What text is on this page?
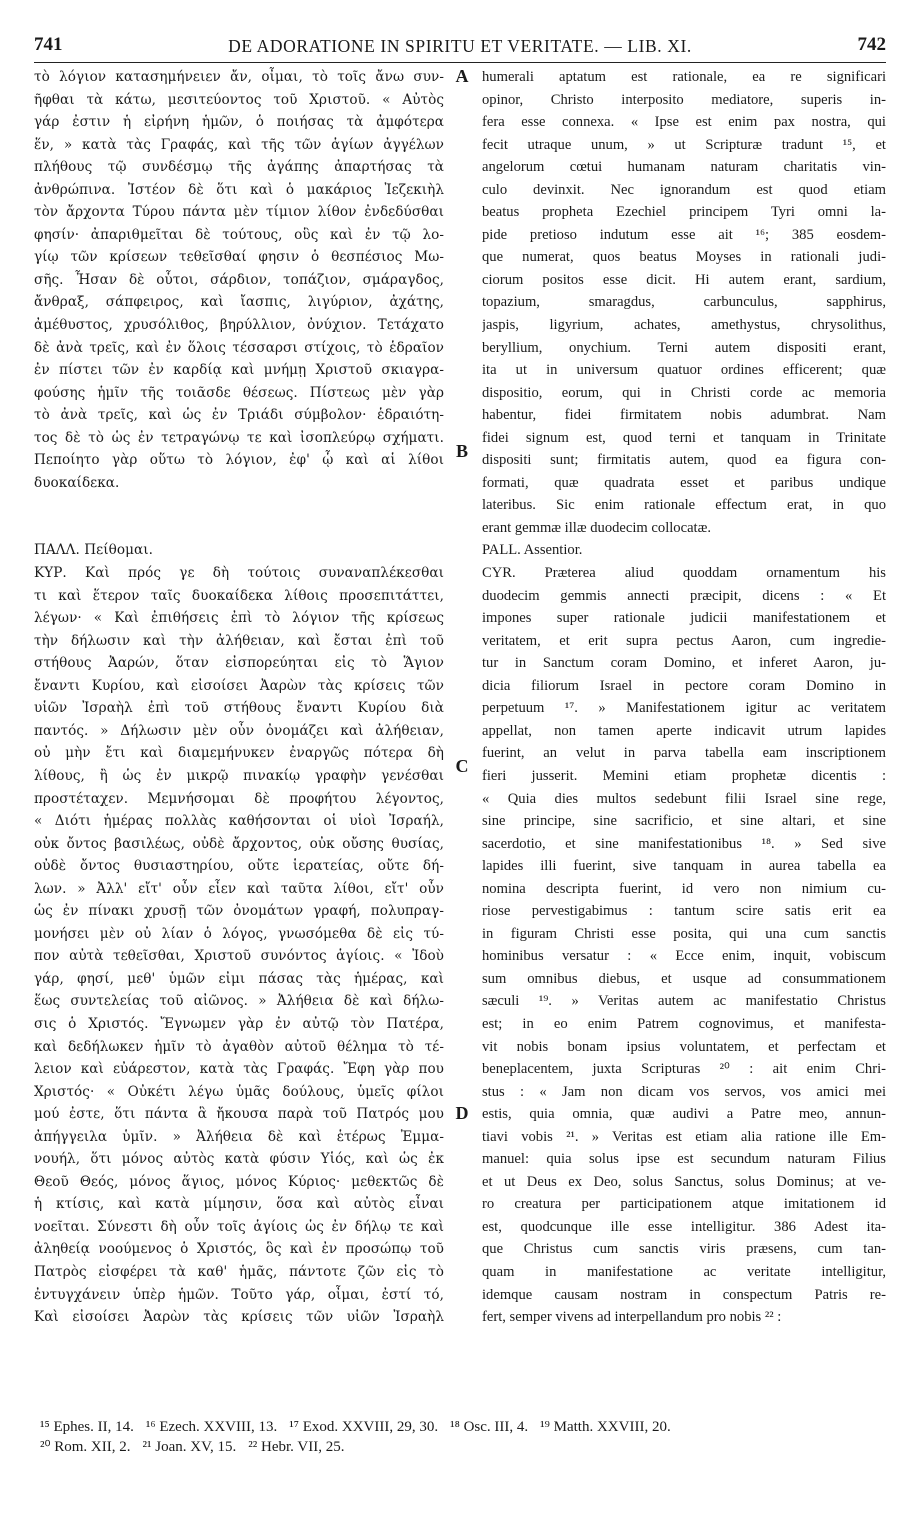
741	DE ADORATIONE IN SPIRITU ET VERITATE. — LIB. XI.	742
τὸ λόγιον κατασημήνειεν ἄν, οἶμαι, τὸ τοῖς ἄνω συν-
ῆφθαι τὰ κάτω, μεσιτεύοντος τοῦ Χριστοῦ. « Αὐτὸς
γάρ ἐστιν ἡ εἰρήνη ἡμῶν, ὁ ποιήσας τὰ ἀμφότερα
ἕν, » κατὰ τὰς Γραφάς, καὶ τῆς τῶν ἁγίων ἀγγέλων
πλήθους τῷ συνδέσμῳ τῆς ἀγάπης ἀπαρτήσας τὰ
ἀνθρώπινα. Ἰστέον δὲ ὅτι καὶ ὁ μακάριος Ἰεζεκιὴλ
τὸν ἄρχοντα Τύρου πάντα μὲν τίμιον λίθον ἐνδεδύσθαι
φησίν· ἀπαριθμεῖται δὲ τούτους, οὓς καὶ ἐν τῷ λο-
γίῳ τῶν κρίσεων τεθεῖσθαί φησιν ὁ θεσπέσιος Μω-
σῆς. Ἦσαν δὲ οὗτοι, σάρδιον, τοπάζιον, σμάραγδος,
ἄνθραξ, σάπφειρος, καὶ ἴασπις, λιγύριον, ἀχάτης,
ἀμέθυστος, χρυσόλιθος, βηρύλλιον, ὀνύχιον. Τετάχατο
δὲ ἀνὰ τρεῖς, καὶ ἐν ὅλοις τέσσαρσι στίχοις, τὸ ἑδραῖον
ἐν πίστει τῶν ἐν καρδίᾳ καὶ μνήμῃ Χριστοῦ σκιαγρα-
φούσης ἡμῖν τῆς τοιᾶσδε θέσεως. Πίστεως μὲν γὰρ
τὸ ἀνὰ τρεῖς, καὶ ὡς ἐν Τριάδι σύμβολον· ἑδραιότη-
τος δὲ τὸ ὡς ἐν τετραγώνῳ τε καὶ ἰσοπλεύρῳ σχήματι.
Πεποίητο γὰρ οὕτω τὸ λόγιον, ἐφ' ᾧ καὶ αἱ λίθοι
δυοκαίδεκα.

ΠΑΛΛ. Πείθομαι.
ΚΥΡ. Καὶ πρός γε δὴ τούτοις συναναπλέκεσθαι
τι καὶ ἕτερον ταῖς δυοκαίδεκα λίθοις προσεπιτάττει,
λέγων· « Καὶ ἐπιθήσεις ἐπὶ τὸ λόγιον τῆς κρίσεως
τὴν δήλωσιν καὶ τὴν ἀλήθειαν, καὶ ἔσται ἐπὶ τοῦ
στήθους Ἀαρών, ὅταν εἰσπορεύηται εἰς τὸ Ἅγιον
ἔναντι Κυρίου, καὶ εἰσοίσει Ἀαρὼν τὰς κρίσεις τῶν
υἱῶν Ἰσραὴλ ἐπὶ τοῦ στήθους ἔναντι Κυρίου διὰ
παντός. » Δήλωσιν μὲν οὖν ὀνομάζει καὶ ἀλήθειαν,
οὐ μὴν ἔτι καὶ διαμεμήνυκεν ἐναργῶς πότερα δὴ
λίθους, ἢ ὡς ἐν μικρῷ πινακίῳ γραφὴν γενέσθαι
προστέταχεν. Μεμνήσομαι δὲ προφήτου λέγοντος,
« Διότι ἡμέρας πολλὰς καθήσονται οἱ υἱοὶ Ἰσραήλ,
οὐκ ὄντος βασιλέως, οὐδὲ ἄρχοντος, οὐκ οὔσης θυσίας,
οὐδὲ ὄντος θυσιαστηρίου, οὔτε ἱερατείας, οὔτε δή-
λων. » Ἀλλ' εἴτ' οὖν εἶεν καὶ ταῦτα λίθοι, εἴτ' οὖν
ὡς ἐν πίνακι χρυσῇ τῶν ὀνομάτων γραφή, πολυπραγ-
μονήσει μὲν οὐ λίαν ὁ λόγος, γνωσόμεθα δὲ εἰς τύ-
πον αὐτὰ τεθεῖσθαι, Χριστοῦ συνόντος ἁγίοις. « Ἰδοὺ
γάρ, φησί, μεθ' ὑμῶν εἰμι πάσας τὰς ἡμέρας, καὶ
ἕως συντελείας τοῦ αἰῶνος. » Ἀλήθεια δὲ καὶ δήλω-
σις ὁ Χριστός. Ἔγνωμεν γὰρ ἐν αὐτῷ τὸν Πατέρα,
καὶ δεδήλωκεν ἡμῖν τὸ ἀγαθὸν αὐτοῦ θέλημα τὸ τέ-
λειον καὶ εὐάρεστον, κατὰ τὰς Γραφάς. Ἔφη γὰρ που
Χριστός· « Οὐκέτι λέγω ὑμᾶς δούλους, ὑμεῖς φίλοι
μού ἐστε, ὅτι πάντα ἃ ἤκουσα παρὰ τοῦ Πατρός μου
ἀπήγγειλα ὑμῖν. » Ἀλήθεια δὲ καὶ ἑτέρως Ἐμμα-
νουήλ, ὅτι μόνος αὐτὸς κατὰ φύσιν Υἱός, καὶ ὡς ἐκ
Θεοῦ Θεός, μόνος ἅγιος, μόνος Κύριος· μεθεκτῶς δὲ
ἡ κτίσις, καὶ κατὰ μίμησιν, ὅσα καὶ αὐτὸς εἶναι
νοεῖται. Σύνεστι δὴ οὖν τοῖς ἁγίοις ὡς ἐν δήλῳ τε καὶ
ἀληθείᾳ νοούμενος ὁ Χριστός, ὃς καὶ ἐν προσώπῳ τοῦ
Πατρὸς εἰσφέρει τὰ καθ' ἡμᾶς, πάντοτε ζῶν εἰς τὸ
ἐντυγχάνειν ὑπὲρ ἡμῶν. Τοῦτο γάρ, οἶμαι, ἐστί τό,
Καὶ εἰσοίσει Ἀαρὼν τὰς κρίσεις τῶν υἱῶν Ἰσραὴλ
humerali aptatum est rationale, ea re significari
opinor, Christo interposito mediatore, superis in-
fera esse connexa. « Ipse est enim pax nostra, qui
fecit utraque unum, » ut Scripturæ tradunt ¹⁵, et
angelorum cœtui humanam naturam charitatis vin-
culo devinxit. Nec ignorandum est quod etiam
beatus propheta Ezechiel principem Tyri omni la-
pide pretioso indutum esse ait ¹⁶; 385 eosdem-
que numerat, quos beatus Moyses in rationali judi-
ciorum positos esse dicit. Hi autem erant, sardium,
topazium, smaragdus, carbunculus, sapphirus,
jaspis, ligyrium, achates, amethystus, chrysolithus,
beryllium, onychium. Terni autem dispositi erant,
ita ut in universum quatuor ordines efficerent; quæ
dispositio, eorum, qui in Christi corde ac memoria
habentur, fidei firmitatem nobis adumbrat. Nam
fidei signum est, quod terni et tanquam in Trinitate
dispositi sunt; firmitatis autem, quod ea figura con-
formati, quæ quadrata esset et paribus undique
lateribus. Sic enim rationale effectum erat, in quo
erant gemmæ illæ duodecim collocatæ.
PALL. Assentior.
CYR. Præterea aliud quoddam ornamentum his
duodecim gemmis annecti præcipit, dicens : « Et
impones super rationale judicii manifestationem et
veritatem, et erit supra pectus Aaron, cum ingredie-
tur in Sanctum coram Domino, et inferet Aaron, ju-
dicia filiorum Israel in pectore coram Domino in
perpetuum ¹⁷. » Manifestationem igitur ac veritatem
appellat, non tamen aperte indicavit utrum lapides
fuerint, an velut in parva tabella eam inscriptionem
fieri jusserit. Memini etiam prophetæ dicentis :
« Quia dies multos sedebunt filii Israel sine rege,
sine principe, sine sacrificio, et sine altari, et sine
sacerdotio, et sine manifestationibus ¹⁸. » Sed sive
lapides illi fuerint, sive tanquam in aurea tabella ea
nomina descripta fuerint, id vero non nimium cu-
riose pervestigabimus : tantum scire satis erit ea
in figuram Christi esse posita, qui una cum sanctis
hominibus versatur : « Ecce enim, inquit, vobiscum
sum omnibus diebus, et usque ad consummationem
sæculi ¹⁹. » Veritas autem ac manifestatio Christus
est; in eo enim Patrem cognovimus, et manifesta-
vit nobis bonam ipsius voluntatem, et perfectam et
beneplacentem, juxta Scripturas ²⁰ : ait enim Chri-
stus : « Jam non dicam vos servos, vos amici mei
estis, quia omnia, quæ audivi a Patre meo, annun-
tiavi vobis ²¹. » Veritas est etiam alia ratione ille Em-
manuel: quia solus ipse est secundum naturam Filius
et ut Deus ex Deo, solus Sanctus, solus Dominus; at ve-
ro creatura per participationem atque imitationem id
est, quodcunque ille esse intelligitur. 386 Adest ita-
que Christus cum sanctis viris præsens, cum tan-
quam in manifestatione ac veritate intelligitur,
idemque causam nostram in conspectum Patris re-
fert, semper vivens ad interpellandum pro nobis ²² :
A
B
C
D
¹⁵ Ephes. II, 14. ¹⁶ Ezech. XXVIII, 13. ¹⁷ Exod. XXVIII, 29, 30. ¹⁸ Osc. III, 4. ¹⁹ Matth. XXVIII, 20.
²⁰ Rom. XII, 2. ²¹ Joan. XV, 15. ²² Hebr. VII, 25.
